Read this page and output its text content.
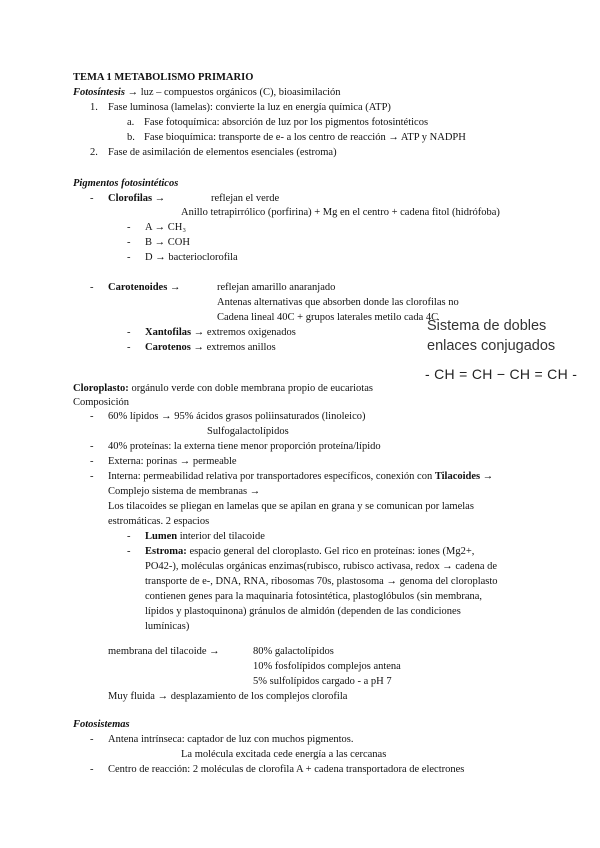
TEMA 1 METABOLISMO PRIMARIO
Fotosíntesis → luz – compuestos orgánicos (C), bioasimilación
1. Fase luminosa (lamelas): convierte la luz en energía química (ATP)
a. Fase fotoquímica: absorción de luz por los pigmentos fotosintéticos
b. Fase bioquímica: transporte de e- a los centro de reacción → ATP y NADPH
2. Fase de asimilación de elementos esenciales (estroma)
Pigmentos fotosintéticos
- Clorofilas →	reflejan el verde
Anillo tetrapirrólico (porfirina) + Mg en el centro + cadena fitol (hidrófoba)
- A → CH₃
- B → COH
- D → bacterioclorofila
- Carotenoides →	reflejan amarillo anaranjado
Antenas alternativas que absorben donde las clorofilas no
Cadena lineal 40C + grupos laterales metilo cada 4C
- Xantofilas → extremos oxigenados
- Carotenos → extremos anillos
Sistema de dobles
enlaces conjugados
- CH = CH − CH = CH -
Cloroplasto: orgánulo verde con doble membrana propio de eucariotas
Composición
- 60% lípidos → 95% ácidos grasos poliinsaturados (linoleico)
Sulfogalactolípidos
- 40% proteínas: la externa tiene menor proporción proteína/lípido
- Externa: porinas → permeable
- Interna: permeabilidad relativa por transportadores específicos, conexión con Tilacoides →
Complejo sistema de membranas →
Los tilacoides se pliegan en lamelas que se apilan en grana y se comunican por lamelas
estromáticas. 2 espacios
- Lumen interior del tilacoide
- Estroma: espacio general del cloroplasto. Gel rico en proteínas: iones (Mg2+,
PO42-), moléculas orgánicas enzimas(rubisco, rubisco activasa, redox → cadena de
transporte de e-, DNA, RNA, ribosomas 70s, plastosoma → genoma del cloroplasto
contienen genes para la maquinaria fotosintética, plastoglóbulos (sin membrana,
lípidos y plastoquinona) gránulos de almidón (dependen de las condiciones
lumínicas)
membrana del tilacoide →	80% galactolípidos
10% fosfolípidos complejos antena
5% sulfolípidos cargado - a pH 7
Muy fluida → desplazamiento de los complejos clorofila
Fotosistemas
- Antena intrínseca: captador de luz con muchos pigmentos.
La molécula excitada cede energía a las cercanas
- Centro de reacción: 2 moléculas de clorofila A + cadena transportadora de electrones
